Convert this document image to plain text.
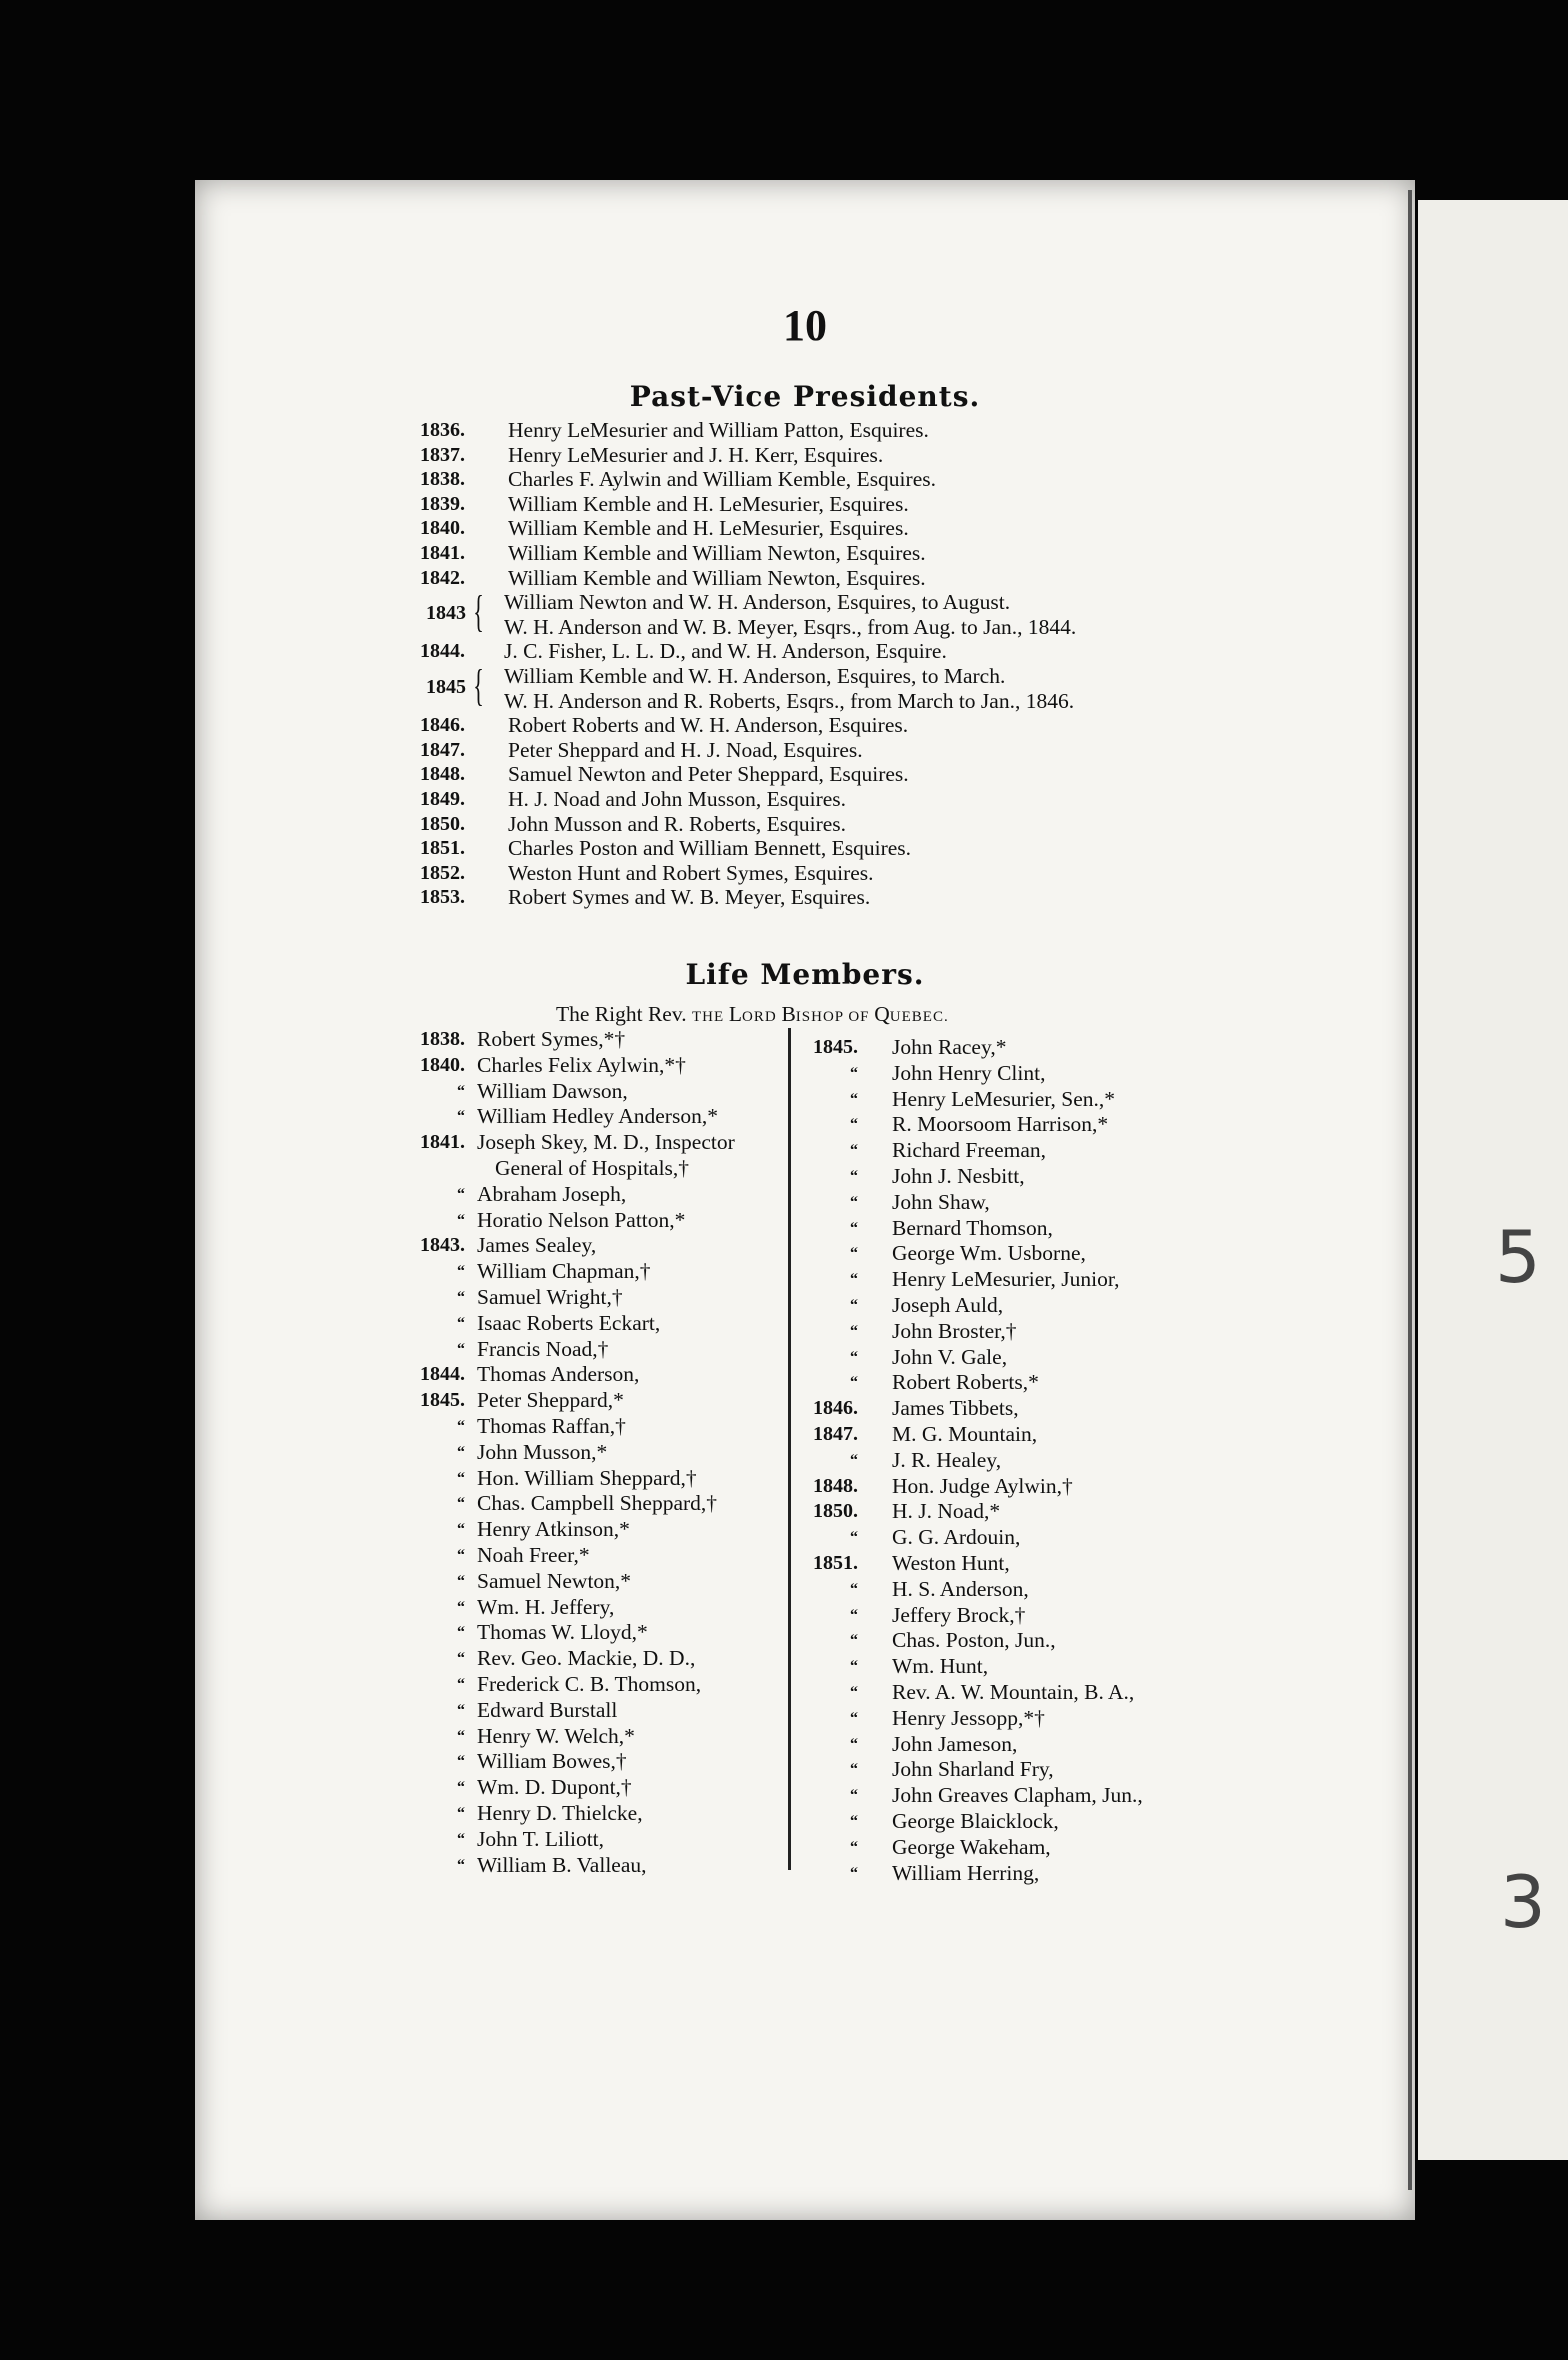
5
3
10
Past-Vice Presidents.
1836.	Henry LeMesurier and William Patton, Esquires.
1837.	Henry LeMesurier and J. H. Kerr, Esquires.
1838.	Charles F. Aylwin and William Kemble, Esquires.
1839.	William Kemble and H. LeMesurier, Esquires.
1840.	William Kemble and H. LeMesurier, Esquires.
1841.	William Kemble and William Newton, Esquires.
1842.	William Kemble and William Newton, Esquires.
1843 { William Newton and W. H. Anderson, Esquires, to August.
W. H. Anderson and W. B. Meyer, Esqrs., from Aug. to Jan., 1844.
1844.	J. C. Fisher, L. L. D., and W. H. Anderson, Esquire.
1845 { William Kemble and W. H. Anderson, Esquires, to March.
W. H. Anderson and R. Roberts, Esqrs., from March to Jan., 1846.
1846.	Robert Roberts and W. H. Anderson, Esquires.
1847.	Peter Sheppard and H. J. Noad, Esquires.
1848.	Samuel Newton and Peter Sheppard, Esquires.
1849.	H. J. Noad and John Musson, Esquires.
1850.	John Musson and R. Roberts, Esquires.
1851.	Charles Poston and William Bennett, Esquires.
1852.	Weston Hunt and Robert Symes, Esquires.
1853.	Robert Symes and W. B. Meyer, Esquires.
Life Members.
The Right Rev. THE LORD BISHOP OF QUEBEC.
1838. Robert Symes,*†
1840. Charles Felix Aylwin,*†
“ William Dawson,
“ William Hedley Anderson,*
1841. Joseph Skey, M. D., Inspector
General of Hospitals,†
“ Abraham Joseph,
“ Horatio Nelson Patton,*
1843. James Sealey,
“ William Chapman,†
“ Samuel Wright,†
“ Isaac Roberts Eckart,
“ Francis Noad,†
1844. Thomas Anderson,
1845. Peter Sheppard,*
“ Thomas Raffan,†
“ John Musson,*
“ Hon. William Sheppard,†
“ Chas. Campbell Sheppard,†
“ Henry Atkinson,*
“ Noah Freer,*
“ Samuel Newton,*
“ Wm. H. Jeffery,
“ Thomas W. Lloyd,*
“ Rev. Geo. Mackie, D. D.,
“ Frederick C. B. Thomson,
“ Edward Burstall
“ Henry W. Welch,*
“ William Bowes,†
“ Wm. D. Dupont,†
“ Henry D. Thielcke,
“ John T. Liliott,
“ William B. Valleau,
1845. John Racey,*
“ John Henry Clint,
“ Henry LeMesurier, Sen.,*
“ R. Moorsoom Harrison,*
“ Richard Freeman,
“ John J. Nesbitt,
“ John Shaw,
“ Bernard Thomson,
“ George Wm. Usborne,
“ Henry LeMesurier, Junior,
“ Joseph Auld,
“ John Broster,†
“ John V. Gale,
“ Robert Roberts,*
1846. James Tibbets,
1847. M. G. Mountain,
“ J. R. Healey,
1848. Hon. Judge Aylwin,†
1850. H. J. Noad,*
“ G. G. Ardouin,
1851. Weston Hunt,
“ H. S. Anderson,
“ Jeffery Brock,†
“ Chas. Poston, Jun.,
“ Wm. Hunt,
“ Rev. A. W. Mountain, B. A.,
“ Henry Jessopp,*†
“ John Jameson,
“ John Sharland Fry,
“ John Greaves Clapham, Jun.,
“ George Blaicklock,
“ George Wakeham,
“ William Herring,
